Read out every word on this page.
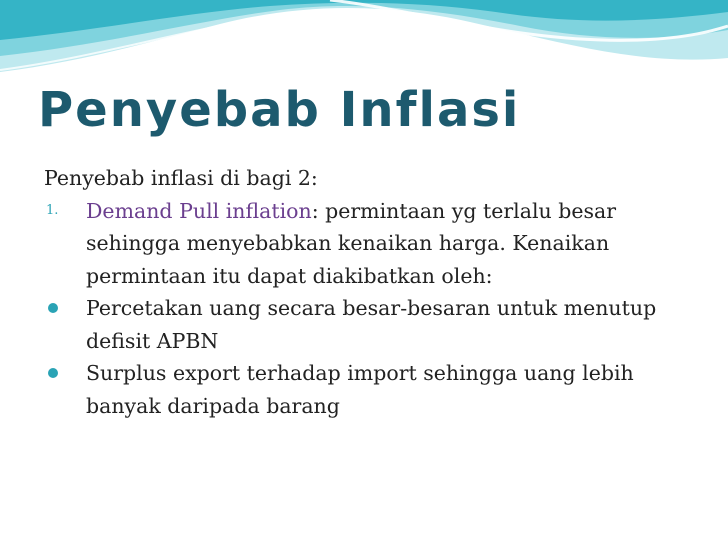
Penyebab Inflasi

Penyebab inflasi di bagi 2:

1. Demand Pull inflation: permintaan yg terlalu besar sehingga menyebabkan kenaikan harga. Kenaikan permintaan itu dapat diakibatkan oleh:

Percetakan uang secara besar-besaran untuk menutup defisit APBN

Surplus export terhadap import sehingga uang lebih banyak daripada barang
